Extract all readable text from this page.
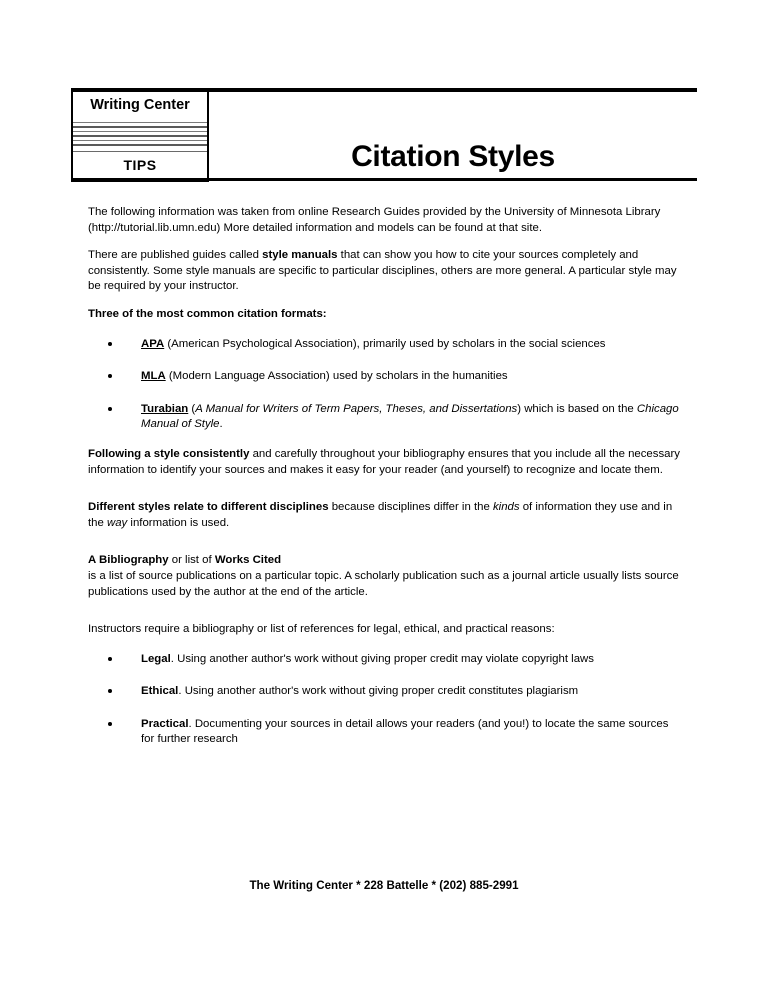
Writing Center
TIPS	Citation Styles

The following information was taken from online Research Guides provided by the University of Minnesota Library (http://tutorial.lib.umn.edu) More detailed information and models can be found at that site.

There are published guides called style manuals that can show you how to cite your sources completely and consistently. Some style manuals are specific to particular disciplines, others are more general. A particular style may be required by your instructor.

Three of the most common citation formats:

APA (American Psychological Association), primarily used by scholars in the social sciences
MLA (Modern Language Association) used by scholars in the humanities
Turabian (A Manual for Writers of Term Papers, Theses, and Dissertations) which is based on the Chicago Manual of Style.

Following a style consistently and carefully throughout your bibliography ensures that you include all the necessary information to identify your sources and makes it easy for your reader (and yourself) to recognize and locate them.

Different styles relate to different disciplines because disciplines differ in the kinds of information they use and in the way information is used.

A Bibliography or list of Works Cited

is a list of source publications on a particular topic. A scholarly publication such as a journal article usually lists source publications used by the author at the end of the article.

Instructors require a bibliography or list of references for legal, ethical, and practical reasons:

Legal. Using another author's work without giving proper credit may violate copyright laws
Ethical. Using another author's work without giving proper credit constitutes plagiarism
Practical. Documenting your sources in detail allows your readers (and you!) to locate the same sources for further research
The Writing Center * 228 Battelle * (202) 885-2991
